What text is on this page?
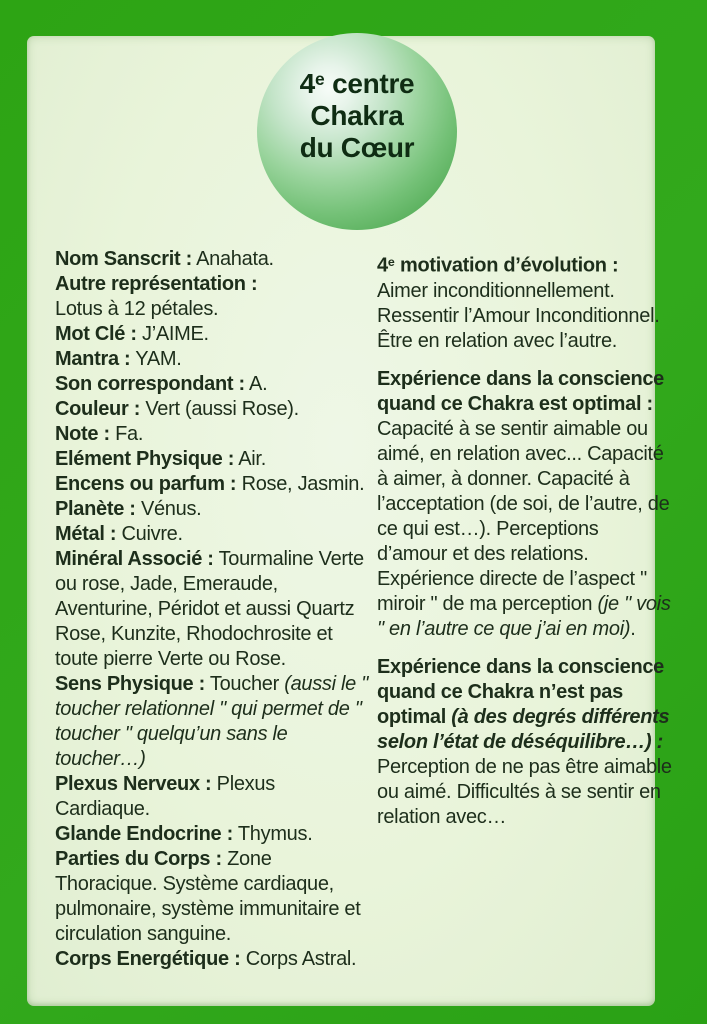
4e centre
Chakra
du Cœur

Nom Sanscrit : Anahata.

Autre représentation :
Lotus à 12 pétales.

Mot Clé : J’AIME.

Mantra : YAM.

Son correspondant : A.

Couleur : Vert (aussi Rose).

Note : Fa.

Elément Physique : Air.

Encens ou parfum : Rose, Jasmin.

Planète : Vénus.

Métal : Cuivre.

Minéral Associé : Tourmaline Verte ou rose, Jade, Emeraude, Aventurine, Péridot et aussi Quartz Rose, Kunzite, Rhodochrosite et toute pierre Verte ou Rose.

Sens Physique : Toucher (aussi le " toucher relationnel " qui permet de " toucher " quelqu’un sans le toucher…)

Plexus Nerveux : Plexus Cardiaque.

Glande Endocrine : Thymus.

Parties du Corps : Zone Thoracique. Système cardiaque, pulmonaire, système immunitaire et circulation sanguine.

Corps Energétique : Corps Astral.

4e motivation d’évolution :
Aimer inconditionnellement. Ressentir l’Amour Inconditionnel. Être en relation avec l’autre.
Expérience dans la conscience quand ce Chakra est optimal :
Capacité à se sentir aimable ou aimé, en relation avec... Capacité à aimer, à donner. Capacité à l’acceptation (de soi, de l’autre, de ce qui est…). Perceptions d’amour et des relations. Expérience directe de l’aspect " miroir " de ma perception (je " vois " en l’autre ce que j’ai en moi).
Expérience dans la conscience quand ce Chakra n’est pas optimal (à des degrés différents selon l’état de déséquilibre…) :
Perception de ne pas être aimable ou aimé. Difficultés à se sentir en relation avec…
